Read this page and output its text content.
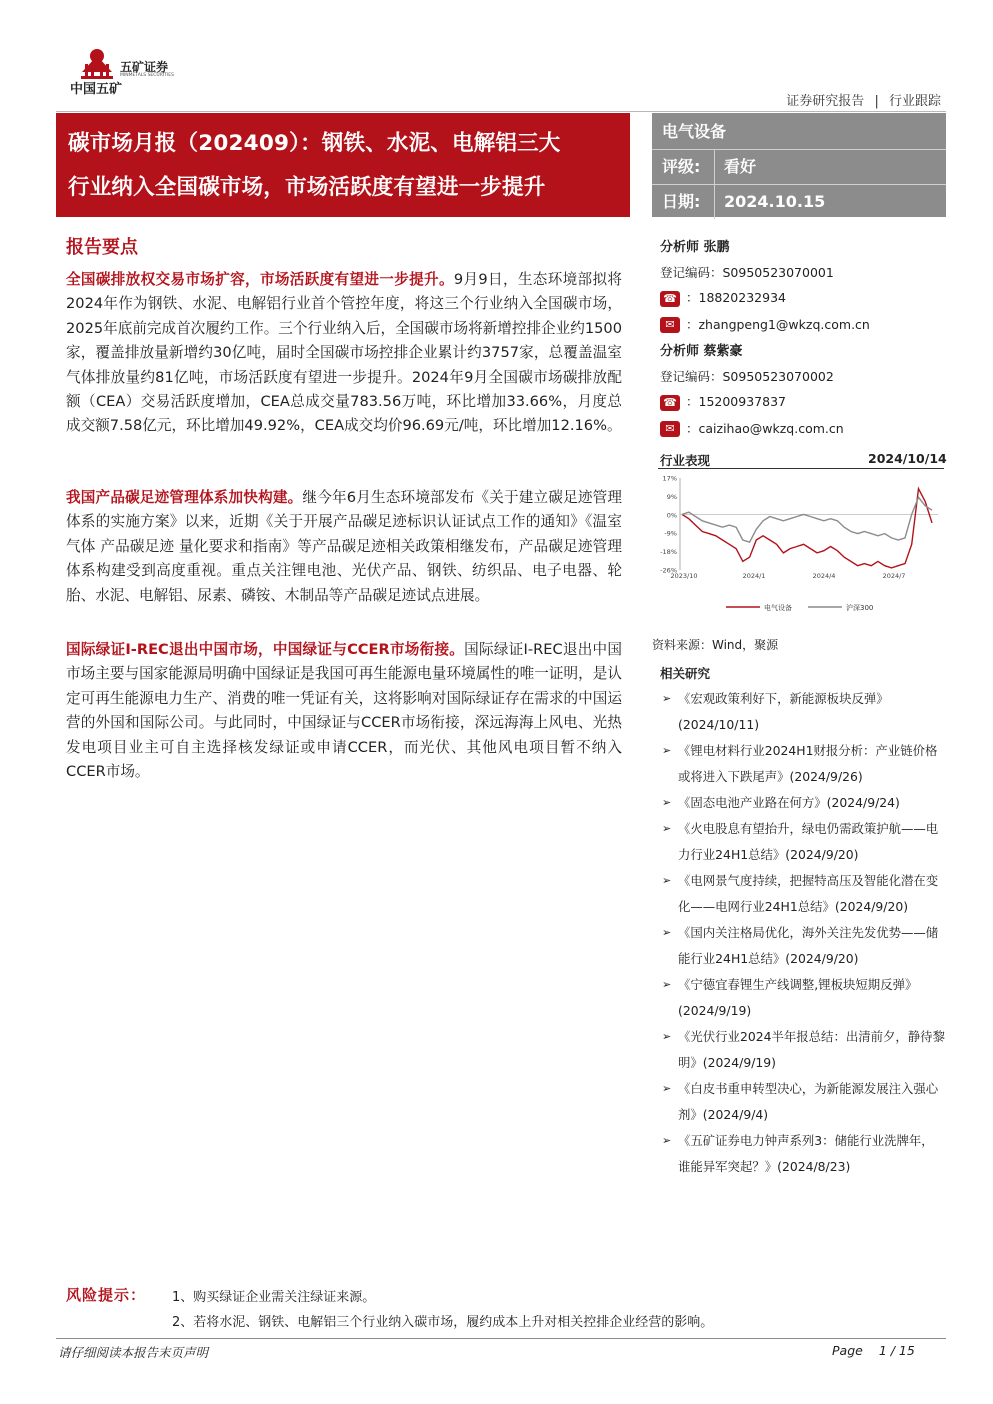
中国五矿
五矿证券
MINMETALS SECURITIES
证券研究报告 | 行业跟踪
碳市场月报（202409）：钢铁、水泥、电解铝三大
行业纳入全国碳市场，市场活跃度有望进一步提升
电气设备
评级: 看好
日期: 2024.10.15
报告要点
全国碳排放权交易市场扩容，市场活跃度有望进一步提升。9月9日，生态环境部拟将2024年作为钢铁、水泥、电解铝行业首个管控年度，将这三个行业纳入全国碳市场，2025年底前完成首次履约工作。三个行业纳入后，全国碳市场将新增控排企业约1500家，覆盖排放量新增约30亿吨，届时全国碳市场控排企业累计约3757家，总覆盖温室气体排放量约81亿吨，市场活跃度有望进一步提升。2024年9月全国碳市场碳排放配额（CEA）交易活跃度增加，CEA总成交量783.56万吨，环比增加33.66%，月度总成交额7.58亿元，环比增加49.92%，CEA成交均价96.69元/吨，环比增加12.16%。
我国产品碳足迹管理体系加快构建。继今年6月生态环境部发布《关于建立碳足迹管理体系的实施方案》以来，近期《关于开展产品碳足迹标识认证试点工作的通知》《温室气体 产品碳足迹 量化要求和指南》等产品碳足迹相关政策相继发布，产品碳足迹管理体系构建受到高度重视。重点关注锂电池、光伏产品、钢铁、纺织品、电子电器、轮胎、水泥、电解铝、尿素、磷铵、木制品等产品碳足迹试点进展。
国际绿证I-REC退出中国市场，中国绿证与CCER市场衔接。国际绿证I-REC退出中国市场主要与国家能源局明确中国绿证是我国可再生能源电量环境属性的唯一证明，是认定可再生能源电力生产、消费的唯一凭证有关，这将影响对国际绿证存在需求的中国运营的外国和国际公司。与此同时，中国绿证与CCER市场衔接，深远海海上风电、光热发电项目业主可自主选择核发绿证或申请CCER，而光伏、其他风电项目暂不纳入CCER市场。
分析师 张鹏
登记编码：S0950523070001
☎ ：18820232934
✉ ：zhangpeng1@wkzq.com.cn
分析师 蔡紫豪
登记编码：S0950523070002
☎ ：15200937837
✉ ：caizihao@wkzq.com.cn
行业表现	2024/10/14
17%
9%
0%
-9%
-18%
-26%
2023/10	2024/1	2024/4	2024/7
电气设备	沪深300
资料来源：Wind，聚源
相关研究
➢ 《宏观政策利好下，新能源板块反弹》(2024/10/11)
➢ 《锂电材料行业2024H1财报分析：产业链价格或将进入下跌尾声》(2024/9/26)
➢ 《固态电池产业路在何方》(2024/9/24)
➢ 《火电股息有望抬升，绿电仍需政策护航——电力行业24H1总结》(2024/9/20)
➢ 《电网景气度持续，把握特高压及智能化潜在变化——电网行业24H1总结》(2024/9/20)
➢ 《国内关注格局优化，海外关注先发优势——储能行业24H1总结》(2024/9/20)
➢ 《宁德宜春锂生产线调整,锂板块短期反弹》(2024/9/19)
➢ 《光伏行业2024半年报总结：出清前夕，静待黎明》(2024/9/19)
➢ 《白皮书重申转型决心，为新能源发展注入强心剂》(2024/9/4)
➢ 《五矿证券电力钟声系列3：储能行业洗牌年，谁能异军突起？》(2024/8/23)
风险提示： 1、购买绿证企业需关注绿证来源。
2、若将水泥、钢铁、电解铝三个行业纳入碳市场，履约成本上升对相关控排企业经营的影响。
请仔细阅读本报告末页声明	Page 1 / 15
